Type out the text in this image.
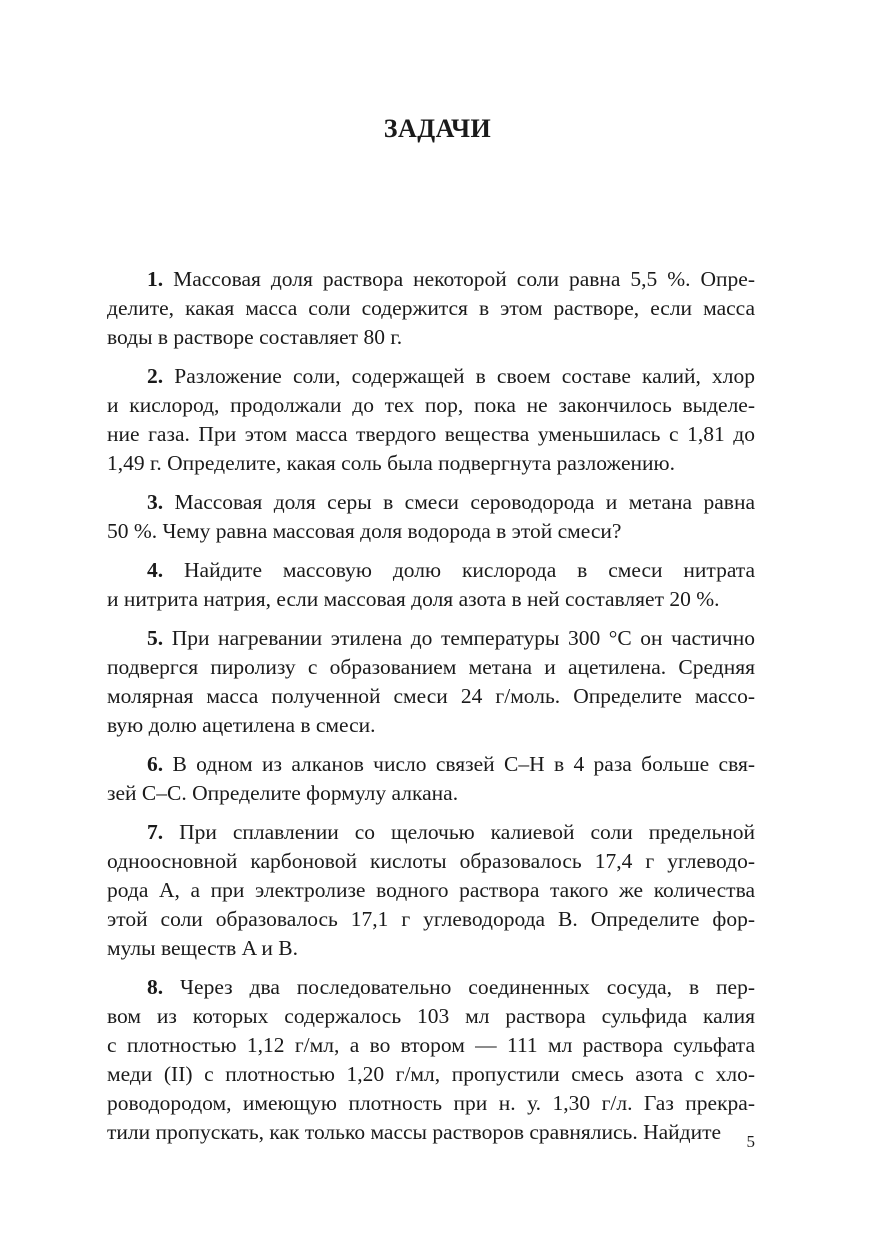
ЗАДАЧИ
1. Массовая доля раствора некоторой соли равна 5,5 %. Опре-
делите, какая масса соли содержится в этом растворе, если масса
воды в растворе составляет 80 г.
2. Разложение соли, содержащей в своем составе калий, хлор
и кислород, продолжали до тех пор, пока не закончилось выделе-
ние газа. При этом масса твердого вещества уменьшилась с 1,81 до
1,49 г. Определите, какая соль была подвергнута разложению.
3. Массовая доля серы в смеси сероводорода и метана равна
50 %. Чему равна массовая доля водорода в этой смеси?
4. Найдите массовую долю кислорода в смеси нитрата
и нитрита натрия, если массовая доля азота в ней составляет 20 %.
5. При нагревании этилена до температуры 300 °С он частично
подвергся пиролизу с образованием метана и ацетилена. Средняя
молярная масса полученной смеси 24 г/моль. Определите массо-
вую долю ацетилена в смеси.
6. В одном из алканов число связей С–Н в 4 раза больше свя-
зей С–С. Определите формулу алкана.
7. При сплавлении со щелочью калиевой соли предельной
одноосновной карбоновой кислоты образовалось 17,4 г углеводо-
рода A, а при электролизе водного раствора такого же количества
этой соли образовалось 17,1 г углеводорода B. Определите фор-
мулы веществ A и B.
8. Через два последовательно соединенных сосуда, в пер-
вом из которых содержалось 103 мл раствора сульфида калия
с плотностью 1,12 г/мл, а во втором — 111 мл раствора сульфата
меди (II) с плотностью 1,20 г/мл, пропустили смесь азота с хло-
роводородом, имеющую плотность при н. у. 1,30 г/л. Газ прекра-
тили пропускать, как только массы растворов сравнялись. Найдите	5
